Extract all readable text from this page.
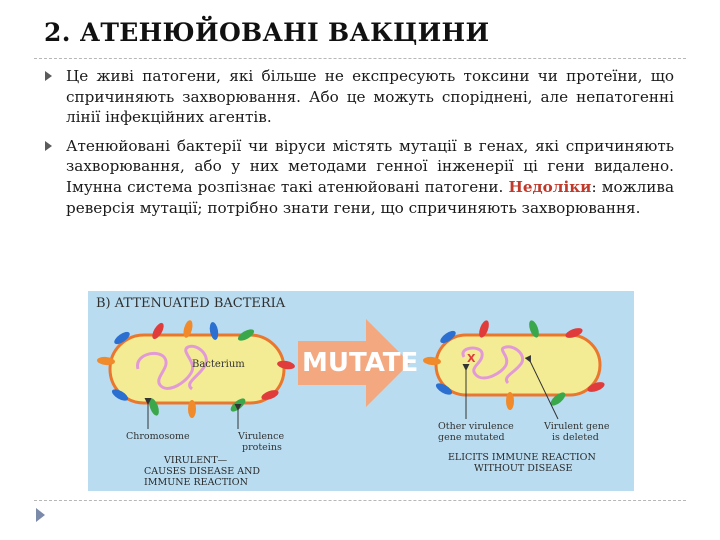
2. АТЕНЮЙОВАНІ ВАКЦИНИ
Це живі патогени, які більше не експресують токсини чи протеїни, що спричиняють захворювання. Або це можуть споріднені, але непатогенні лінії інфекційних агентів.
Атенюйовані бактерії чи віруси містять мутації в генах, які спричиняють захворювання, або у них методами генної інженерії ці гени видалено. Імунна система розпізнає такі атенюйовані патогени. Недоліки: можлива реверсія мутації; потрібно знати гени, що спричиняють захворювання.
B) ATTENUATED BACTERIA
Bacterium
Chromosome	Virulence
proteins
VIRULENT—
CAUSES DISEASE AND
IMMUNE REACTION
MUTATE	X
Other virulence
gene mutated
Virulent gene
is deleted
ELICITS IMMUNE REACTION
WITHOUT DISEASE
